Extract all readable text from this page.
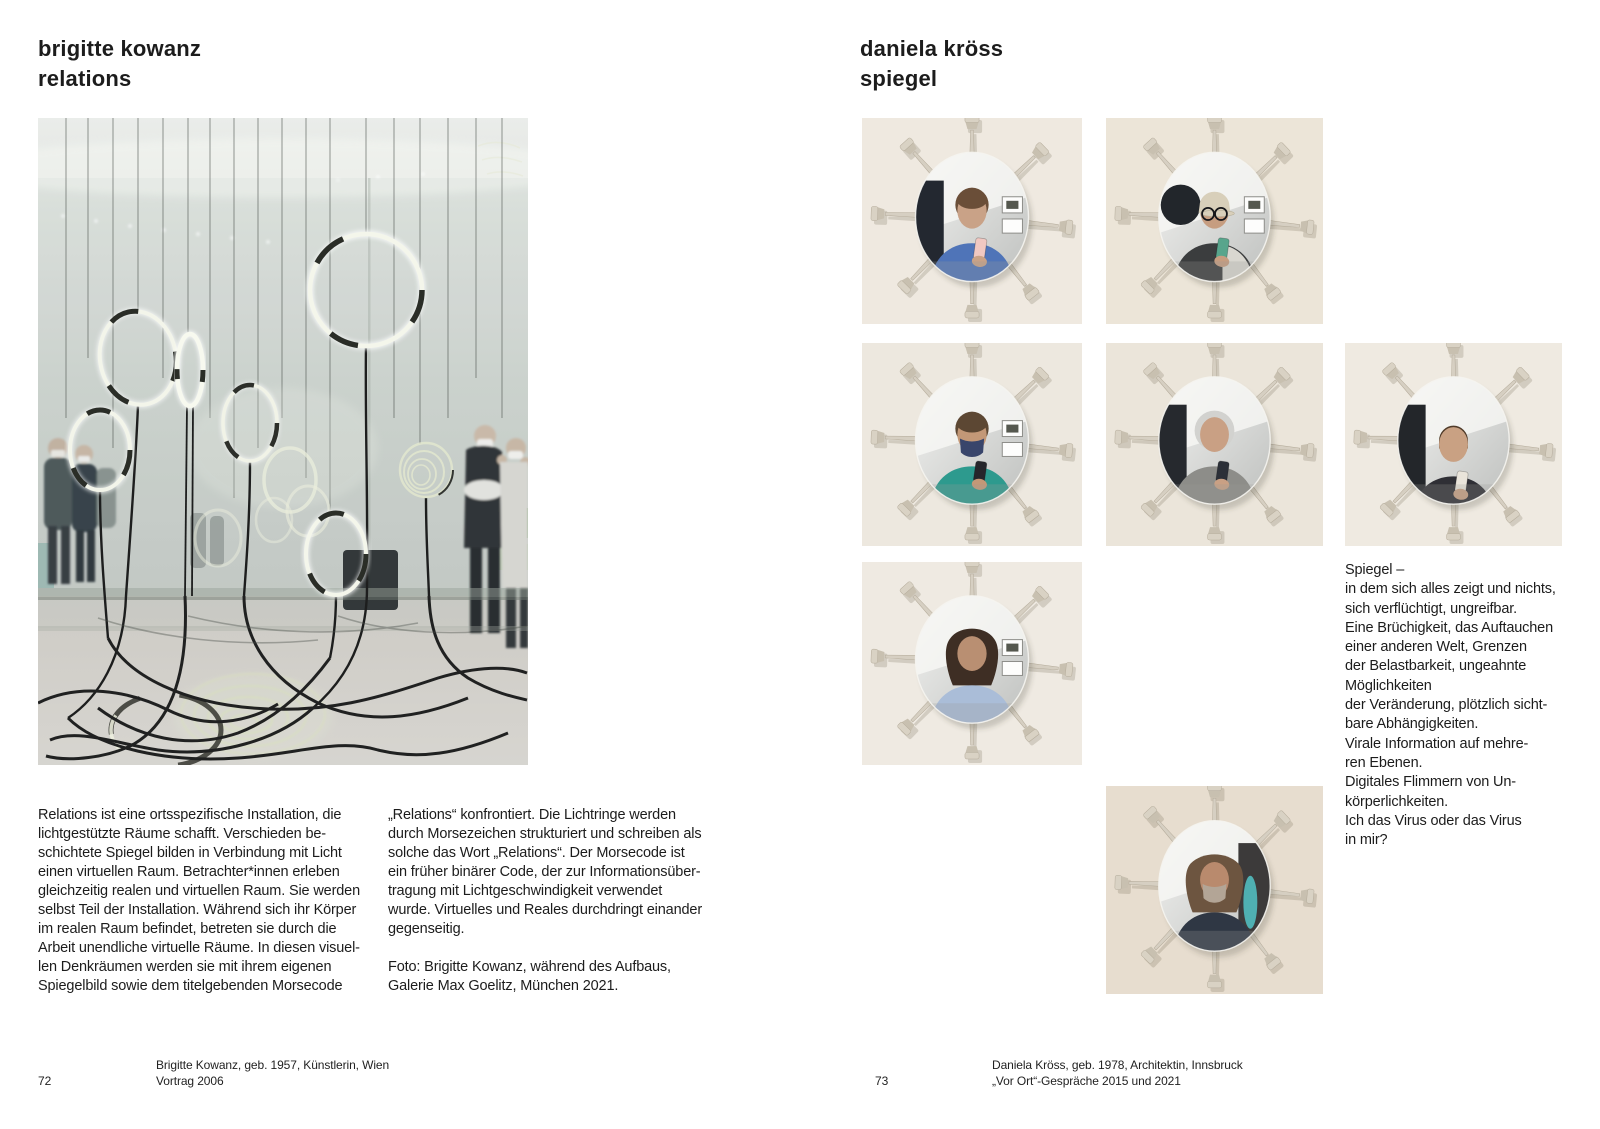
brigitte kowanz
relations
Relations ist eine ortsspezifische Installation, die
lichtgestützte Räume schafft. Verschieden be-
schichtete Spiegel bilden in Verbindung mit Licht
einen virtuellen Raum. Betrachter*innen erleben
gleichzeitig realen und virtuellen Raum. Sie werden
selbst Teil der Installation. Während sich ihr Körper
im realen Raum befindet, betreten sie durch die
Arbeit unendliche virtuelle Räume. In diesen visuel-
len Denkräumen werden sie mit ihrem eigenen
Spiegelbild sowie dem titelgebenden Morsecode
„Relations“ konfrontiert. Die Lichtringe werden
durch Morsezeichen strukturiert und schreiben als
solche das Wort „Relations“. Der Morsecode ist
ein früher binärer Code, der zur Informationsüber-
tragung mit Lichtgeschwindigkeit verwendet
wurde. Virtuelles und Reales durchdringt einander
gegenseitig.

Foto: Brigitte Kowanz, während des Aufbaus,
Galerie Max Goelitz, München 2021.
72
Brigitte Kowanz, geb. 1957, Künstlerin, Wien
Vortrag 2006
daniela kröss
spiegel
Spiegel –
in dem sich alles zeigt und nichts,
sich verflüchtigt, ungreifbar.
Eine Brüchigkeit, das Auftauchen
einer anderen Welt, Grenzen
der Belastbarkeit, ungeahnte
Möglichkeiten
der Veränderung, plötzlich sicht-
bare Abhängigkeiten.
Virale Information auf mehre-
ren Ebenen.
Digitales Flimmern von Un-
körperlichkeiten.
Ich das Virus oder das Virus
in mir?
73
Daniela Kröss, geb. 1978, Architektin, Innsbruck
„Vor Ort“-Gespräche 2015 und 2021
